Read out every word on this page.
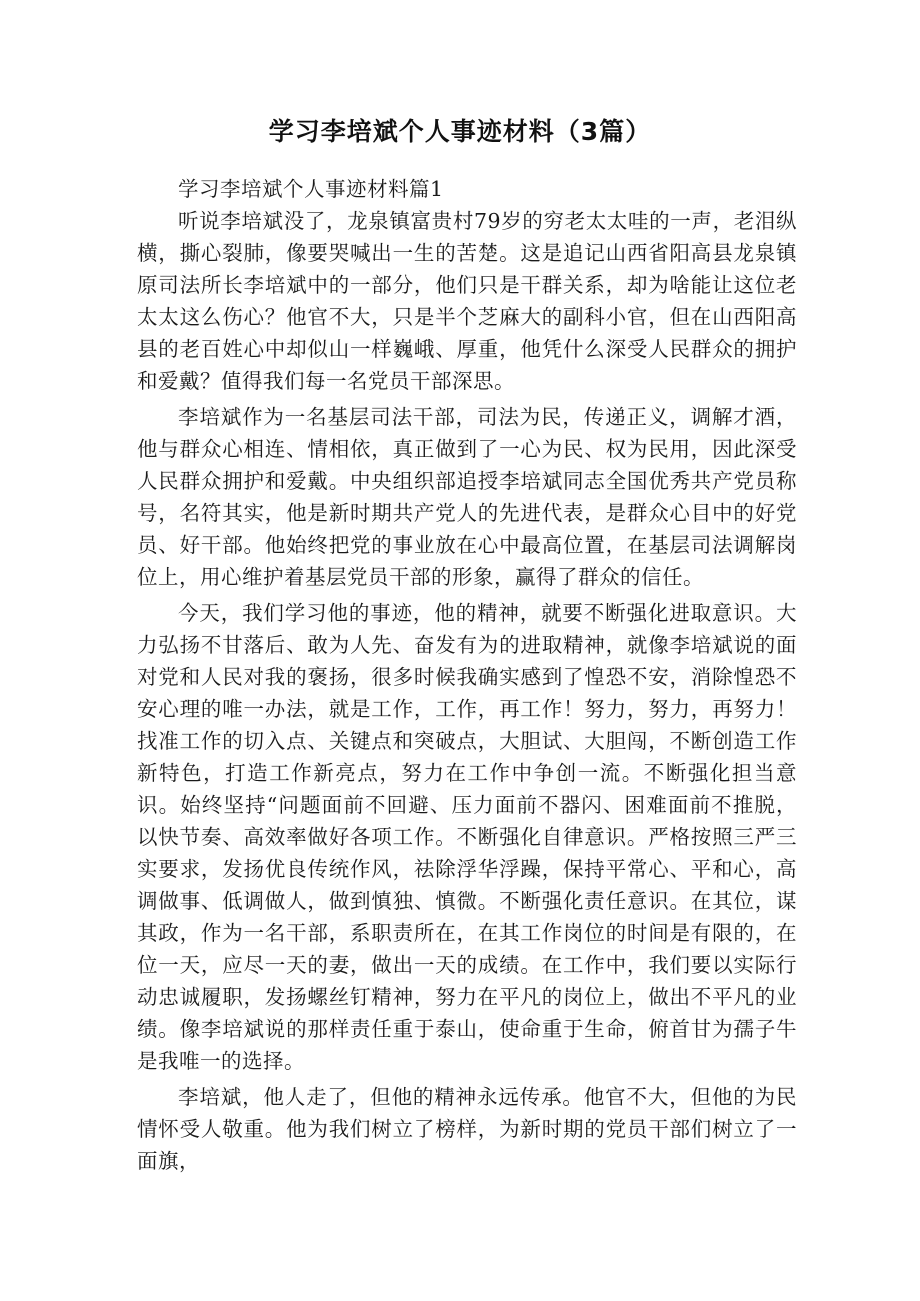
学习李培斌个人事迹材料（3篇）

学习李培斌个人事迹材料篇1

听说李培斌没了，龙泉镇富贵村79岁的穷老太太哇的一声，老泪纵横，撕心裂肺，像要哭喊出一生的苦楚。这是追记山西省阳高县龙泉镇原司法所长李培斌中的一部分，他们只是干群关系，却为啥能让这位老太太这么伤心？他官不大，只是半个芝麻大的副科小官，但在山西阳高县的老百姓心中却似山一样巍峨、厚重，他凭什么深受人民群众的拥护和爱戴？值得我们每一名党员干部深思。

李培斌作为一名基层司法干部，司法为民，传递正义，调解才酒，他与群众心相连、情相依，真正做到了一心为民、权为民用，因此深受人民群众拥护和爱戴。中央组织部追授李培斌同志全国优秀共产党员称号，名符其实，他是新时期共产党人的先进代表，是群众心目中的好党员、好干部。他始终把党的事业放在心中最高位置，在基层司法调解岗位上，用心维护着基层党员干部的形象，赢得了群众的信任。

今天，我们学习他的事迹，他的精神，就要不断强化进取意识。大力弘扬不甘落后、敢为人先、奋发有为的进取精神，就像李培斌说的面对党和人民对我的褒扬，很多时候我确实感到了惶恐不安，消除惶恐不安心理的唯一办法，就是工作，工作，再工作！努力，努力，再努力！找准工作的切入点、关键点和突破点，大胆试、大胆闯，不断创造工作新特色，打造工作新亮点，努力在工作中争创一流。不断强化担当意识。始终坚持“问题面前不回避、压力面前不器闪、困难面前不推脱，以快节奏、高效率做好各项工作。不断强化自律意识。严格按照三严三实要求，发扬优良传统作风，祛除浮华浮躁，保持平常心、平和心，高调做事、低调做人，做到慎独、慎微。不断强化责任意识。在其位，谋其政，作为一名干部，系职责所在，在其工作岗位的时间是有限的，在位一天，应尽一天的妻，做出一天的成绩。在工作中，我们要以实际行动忠诚履职，发扬螺丝钉精神，努力在平凡的岗位上，做出不平凡的业绩。像李培斌说的那样责任重于泰山，使命重于生命，俯首甘为孺子牛是我唯一的选择。

李培斌，他人走了，但他的精神永远传承。他官不大，但他的为民情怀受人敬重。他为我们树立了榜样，为新时期的党员干部们树立了一面旗，
